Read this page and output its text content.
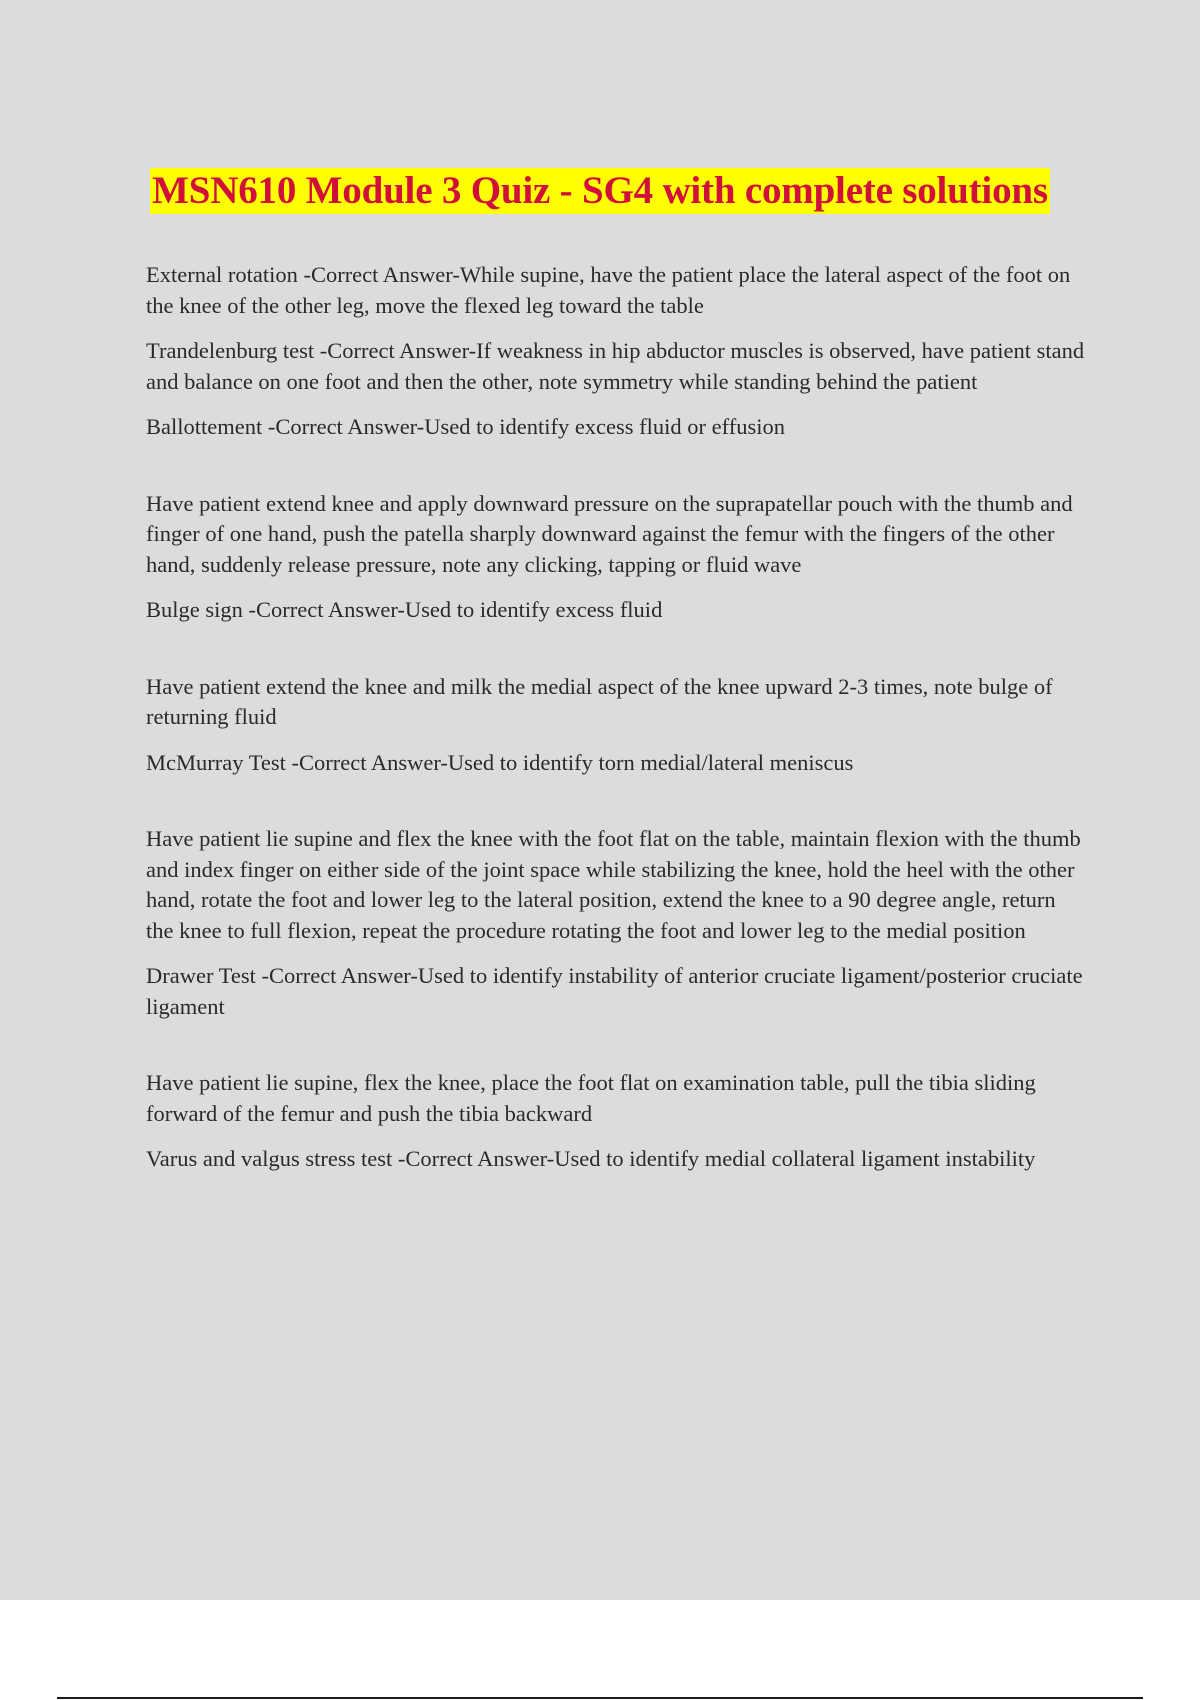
MSN610 Module 3 Quiz - SG4 with complete solutions

External rotation -Correct Answer-While supine, have the patient place the lateral aspect of the foot on the knee of the other leg, move the flexed leg toward the table

Trandelenburg test -Correct Answer-If weakness in hip abductor muscles is observed, have patient stand and balance on one foot and then the other, note symmetry while standing behind the patient

Ballottement -Correct Answer-Used to identify excess fluid or effusion

Have patient extend knee and apply downward pressure on the suprapatellar pouch with the thumb and finger of one hand, push the patella sharply downward against the femur with the fingers of the other hand, suddenly release pressure, note any clicking, tapping or fluid wave

Bulge sign -Correct Answer-Used to identify excess fluid

Have patient extend the knee and milk the medial aspect of the knee upward 2-3 times, note bulge of returning fluid

McMurray Test -Correct Answer-Used to identify torn medial/lateral meniscus

Have patient lie supine and flex the knee with the foot flat on the table, maintain flexion with the thumb and index finger on either side of the joint space while stabilizing the knee, hold the heel with the other hand, rotate the foot and lower leg to the lateral position, extend the knee to a 90 degree angle, return the knee to full flexion, repeat the procedure rotating the foot and lower leg to the medial position

Drawer Test -Correct Answer-Used to identify instability of anterior cruciate ligament/posterior cruciate ligament

Have patient lie supine, flex the knee, place the foot flat on examination table, pull the tibia sliding forward of the femur and push the tibia backward

Varus and valgus stress test -Correct Answer-Used to identify medial collateral ligament instability
